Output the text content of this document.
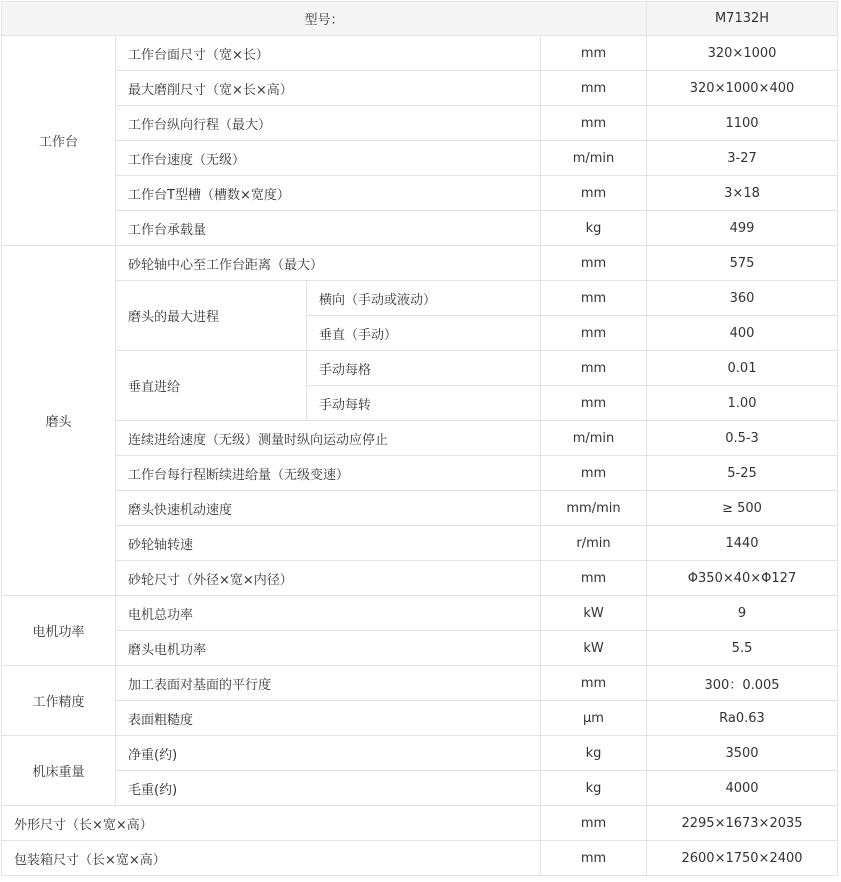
型号：				M7132H
工作台	工作台面尺寸（宽×长）		mm	320×1000
	最大磨削尺寸（宽×长×高）		mm	320×1000×400
	工作台纵向行程（最大）		mm	1100
	工作台速度（无级）		m/min	3-27
	工作台T型槽（槽数×宽度）		mm	3×18
	工作台承载量		kg	499
磨头	砂轮轴中心至工作台距离（最大）		mm	575
	磨头的最大进程	横向（手动或液动）	mm	360
		垂直（手动）	mm	400
	垂直进给	手动每格	mm	0.01
		手动每转	mm	1.00
	连续进给速度（无级）测量时纵向运动应停止		m/min	0.5-3
	工作台每行程断续进给量（无级变速）		mm	5-25
	磨头快速机动速度		mm/min	≥ 500
	砂轮轴转速		r/min	1440
	砂轮尺寸（外径×宽×内径）		mm	Φ350×40×Φ127
电机功率	电机总功率		kW	9
	磨头电机功率		kW	5.5
工作精度	加工表面对基面的平行度		mm	300：0.005
	表面粗糙度		μm	Ra0.63
机床重量	净重(约)		kg	3500
	毛重(约)		kg	4000
外形尺寸（长×宽×高）			mm	2295×1673×2035
包装箱尺寸（长×宽×高）			mm	2600×1750×2400
